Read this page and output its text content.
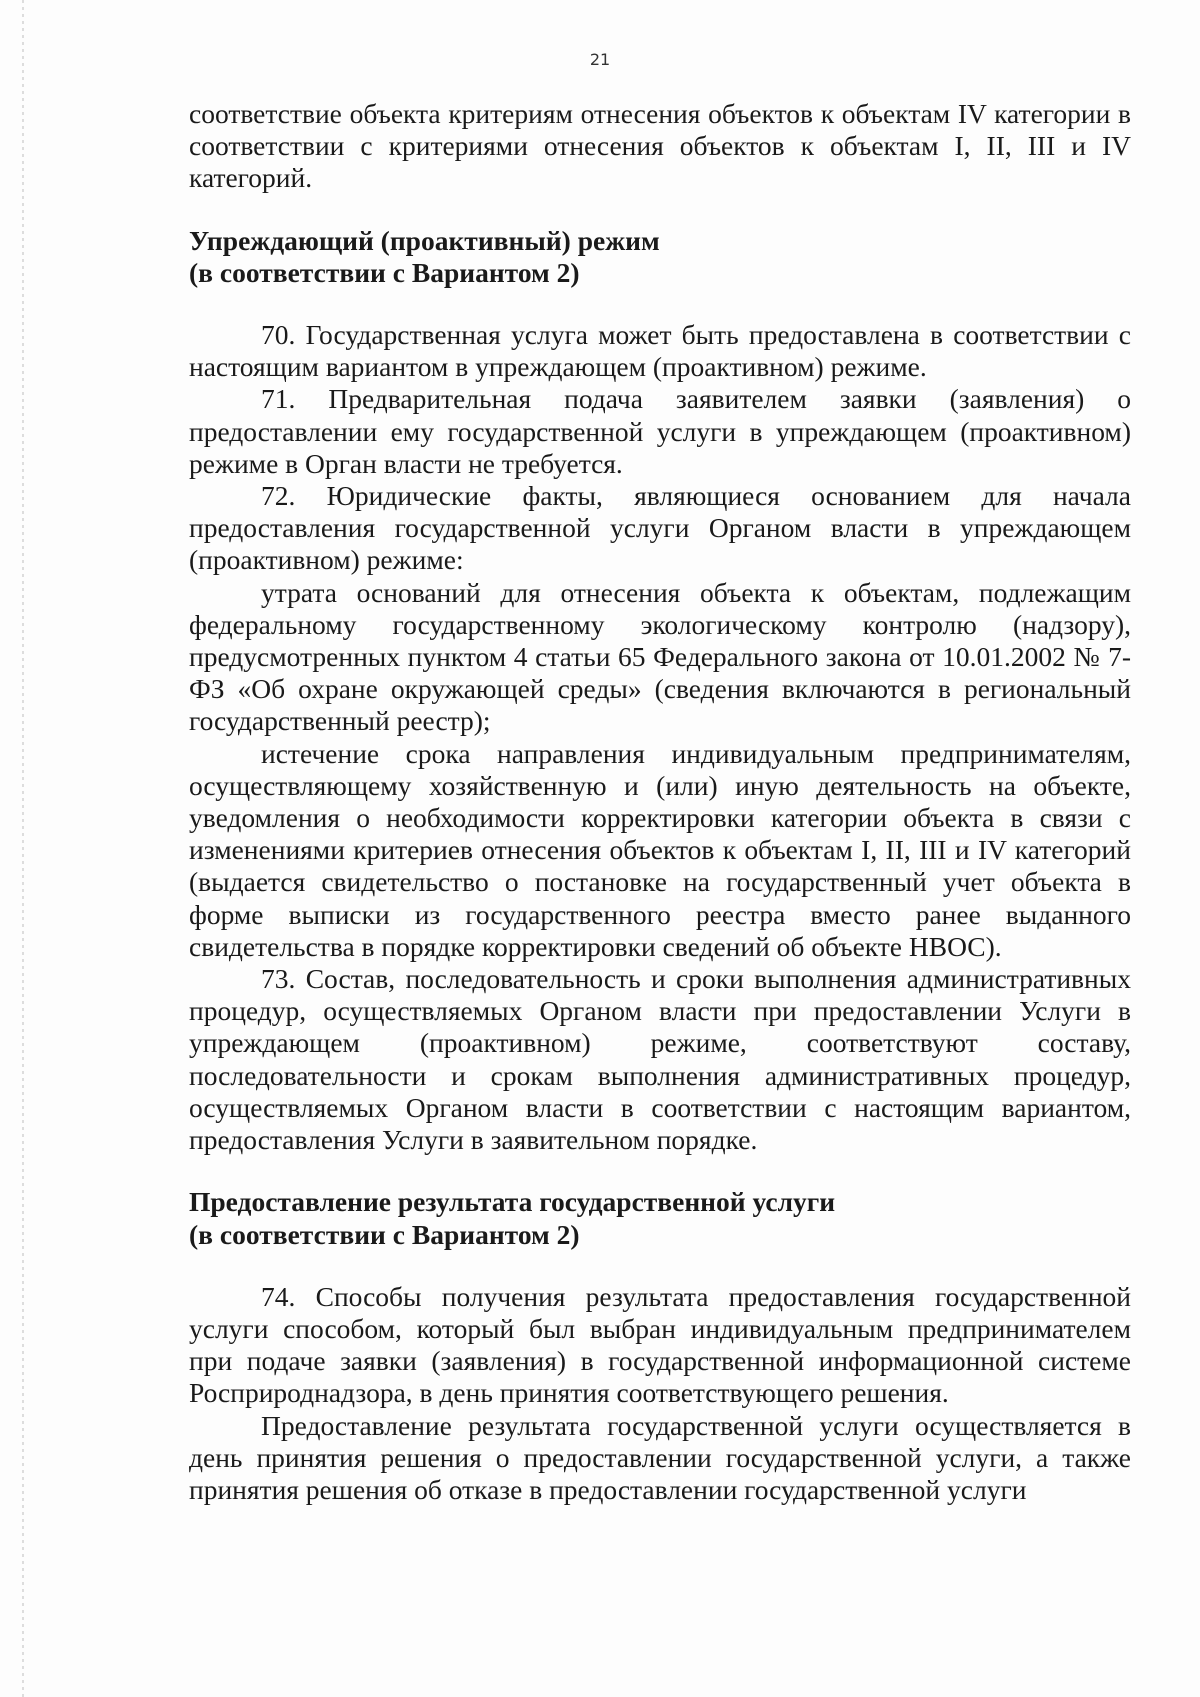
21

соответствие объекта критериям отнесения объектов к объектам IV категории в соответствии с критериями отнесения объектов к объектам I, II, III и IV категорий.

Упреждающий (проактивный) режим

(в соответствии с Вариантом 2)

70. Государственная услуга может быть предоставлена в соответствии с настоящим вариантом в упреждающем (проактивном) режиме.

71. Предварительная подача заявителем заявки (заявления) о предоставлении ему государственной услуги в упреждающем (проактивном) режиме в Орган власти не требуется.

72. Юридические факты, являющиеся основанием для начала предоставления государственной услуги Органом власти в упреждающем (проактивном) режиме:

утрата оснований для отнесения объекта к объектам, подлежащим федеральному государственному экологическому контролю (надзору), предусмотренных пунктом 4 статьи 65 Федерального закона от 10.01.2002 № 7-ФЗ «Об охране окружающей среды» (сведения включаются в региональный государственный реестр);

истечение срока направления индивидуальным предпринимателям, осуществляющему хозяйственную и (или) иную деятельность на объекте, уведомления о необходимости корректировки категории объекта в связи с изменениями критериев отнесения объектов к объектам I, II, III и IV категорий (выдается свидетельство о постановке на государственный учет объекта в форме выписки из государственного реестра вместо ранее выданного свидетельства в порядке корректировки сведений об объекте НВОС).

73. Состав, последовательность и сроки выполнения административных процедур, осуществляемых Органом власти при предоставлении Услуги в упреждающем (проактивном) режиме, соответствуют составу, последовательности и срокам выполнения административных процедур, осуществляемых Органом власти в соответствии с настоящим вариантом, предоставления Услуги в заявительном порядке.

Предоставление результата государственной услуги

(в соответствии с Вариантом 2)

74. Способы получения результата предоставления государственной услуги способом, который был выбран индивидуальным предпринимателем при подаче заявки (заявления) в государственной информационной системе Росприроднадзора, в день принятия соответствующего решения.

Предоставление результата государственной услуги осуществляется в день принятия решения о предоставлении государственной услуги, а также принятия решения об отказе в предоставлении государственной услуги
